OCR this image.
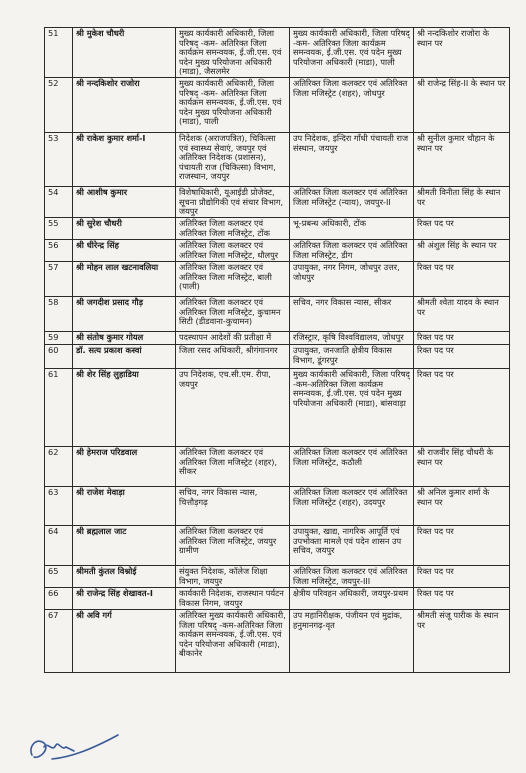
51	श्री मुकेश चौधरी	मुख्य कार्यकारी अधिकारी, जिला परिषद् -कम- अतिरिक्त जिला कार्यक्रम समन्वयक, ई.जी.एस. एवं पदेन मुख्य परियोजना अधिकारी (माडा), जैसलमेर	मुख्य कार्यकारी अधिकारी, जिला परिषद् -कम- अतिरिक्त जिला कार्यक्रम समन्वयक, ई.जी.एस. एवं पदेन मुख्य परियोजना अधिकारी (माडा), पाली	श्री नन्दकिशोर राजोरा के स्थान पर
52	श्री नन्दकिशोर राजोरा	मुख्य कार्यकारी अधिकारी, जिला परिषद् -कम- अतिरिक्त जिला कार्यक्रम समन्वयक, ई.जी.एस. एवं पदेन मुख्य परियोजना अधिकारी (माडा), पाली	अतिरिक्त जिला कलक्टर एवं अतिरिक्त जिला मजिस्ट्रेट (शहर), जोधपुर	श्री राजेन्द्र सिंह-II के स्थान पर
53	श्री राकेश कुमार शर्मा-I	निदेशक (अराजपत्रित), चिकित्सा एवं स्वास्थ्य सेवाएं, जयपुर एवं अतिरिक्त निदेशक (प्रशासन), पंचायती राज (चिकित्सा) विभाग, राजस्थान, जयपुर	उप निदेशक, इन्दिरा गाँधी पंचायती राज संस्थान, जयपुर	श्री सुनील कुमार चौहान के स्थान पर
54	श्री आशीष कुमार	विशेषाधिकारी, यूआईडी प्रोजेक्ट, सूचना प्रौद्योगिकी एवं संचार विभाग, जयपुर	अतिरिक्त जिला कलक्टर एवं अतिरिक्त जिला मजिस्ट्रेट (न्याय), जयपुर-II	श्रीमती विनीता सिंह के स्थान पर
55	श्री सुरेश चौधरी	अतिरिक्त जिला कलक्टर एवं अतिरिक्त जिला मजिस्ट्रेट, टोंक	भू-प्रबन्ध अधिकारी, टोंक	रिक्त पद पर
56	श्री धीरेन्द्र सिंह	अतिरिक्त जिला कलक्टर एवं अतिरिक्त जिला मजिस्ट्रेट, धौलपुर	अतिरिक्त जिला कलक्टर एवं अतिरिक्त जिला मजिस्ट्रेट, डीग	श्री अंशुल सिंह के स्थान पर
57	श्री मोहन लाल खटनावलिया	अतिरिक्त जिला कलक्टर एवं अतिरिक्त जिला मजिस्ट्रेट, बाली (पाली)	उपायुक्त, नगर निगम, जोधपुर उत्तर, जोधपुर	रिक्त पद पर
58	श्री जगदीश प्रसाद गौड़	अतिरिक्त जिला कलक्टर एवं अतिरिक्त जिला मजिस्ट्रेट, कुचामन सिटी (डीडवाना-कुचामन)	सचिव, नगर विकास न्यास, सीकर	श्रीमती श्वेता यादव के स्थान पर
59	श्री संतोष कुमार गोयल	पदस्थापन आदेशों की प्रतीक्षा में	रजिस्ट्रार, कृषि विश्वविद्यालय, जोधपुर	रिक्त पद पर
60	डॉ. सत्य प्रकाश कस्वां	जिला रसद अधिकारी, श्रीगंगानगर	उपायुक्त, जनजाति क्षेत्रीय विकास विभाग, डूंगरपुर	रिक्त पद पर
61	श्री शेर सिंह लुहाडिया	उप निदेशक, एच.सी.एम. रीपा, जयपुर	मुख्य कार्यकारी अधिकारी, जिला परिषद् -कम-अतिरिक्त जिला कार्यक्रम समन्वयक, ई.जी.एस. एवं पदेन मुख्य परियोजना अधिकारी (माडा), बांसवाड़ा	रिक्त पद पर
62	श्री हेमराज परिडवाल	अतिरिक्त जिला कलक्टर एवं अतिरिक्त जिला मजिस्ट्रेट (शहर), सीकर	अतिरिक्त जिला कलक्टर एवं अतिरिक्त जिला मजिस्ट्रेट, कठौली	श्री राजवीर सिंह चौधरी के स्थान पर
63	श्री राजेश मेवाड़ा	सचिव, नगर विकास न्यास, चित्तौड़गढ़	अतिरिक्त जिला कलक्टर एवं अतिरिक्त जिला मजिस्ट्रेट (शहर), उदयपुर	श्री अनिल कुमार शर्मा के स्थान पर
64	श्री ब्रह्मलाल जाट	अतिरिक्त जिला कलक्टर एवं अतिरिक्त जिला मजिस्ट्रेट, जयपुर ग्रामीण	उपायुक्त, खाद्य, नागरिक आपूर्ति एवं उपभोक्ता मामले एवं पदेन शासन उप सचिव, जयपुर	रिक्त पद पर
65	श्रीमती कुंतल विश्नोई	संयुक्त निदेशक, कॉलेज शिक्षा विभाग, जयपुर	अतिरिक्त जिला कलक्टर एवं अतिरिक्त जिला मजिस्ट्रेट, जयपुर-III	रिक्त पद पर
66	श्री राजेन्द्र सिंह शेखावत-I	कार्यकारी निदेशक, राजस्थान पर्यटन विकास निगम, जयपुर	क्षेत्रीय परिवहन अधिकारी, जयपुर-प्रथम	रिक्त पद पर
67	श्री अवि गर्ग	अतिरिक्त मुख्य कार्यकारी अधिकारी, जिला परिषद् -कम-अतिरिक्त जिला कार्यक्रम समन्वयक, ई.जी.एस. एवं पदेन परियोजना अधिकारी (माडा), बीकानेर	उप महानिरीक्षक, पंजीयन एवं मुद्रांक, हनुमानगढ़-वृत	श्रीमती संजू पारीक के स्थान पर
